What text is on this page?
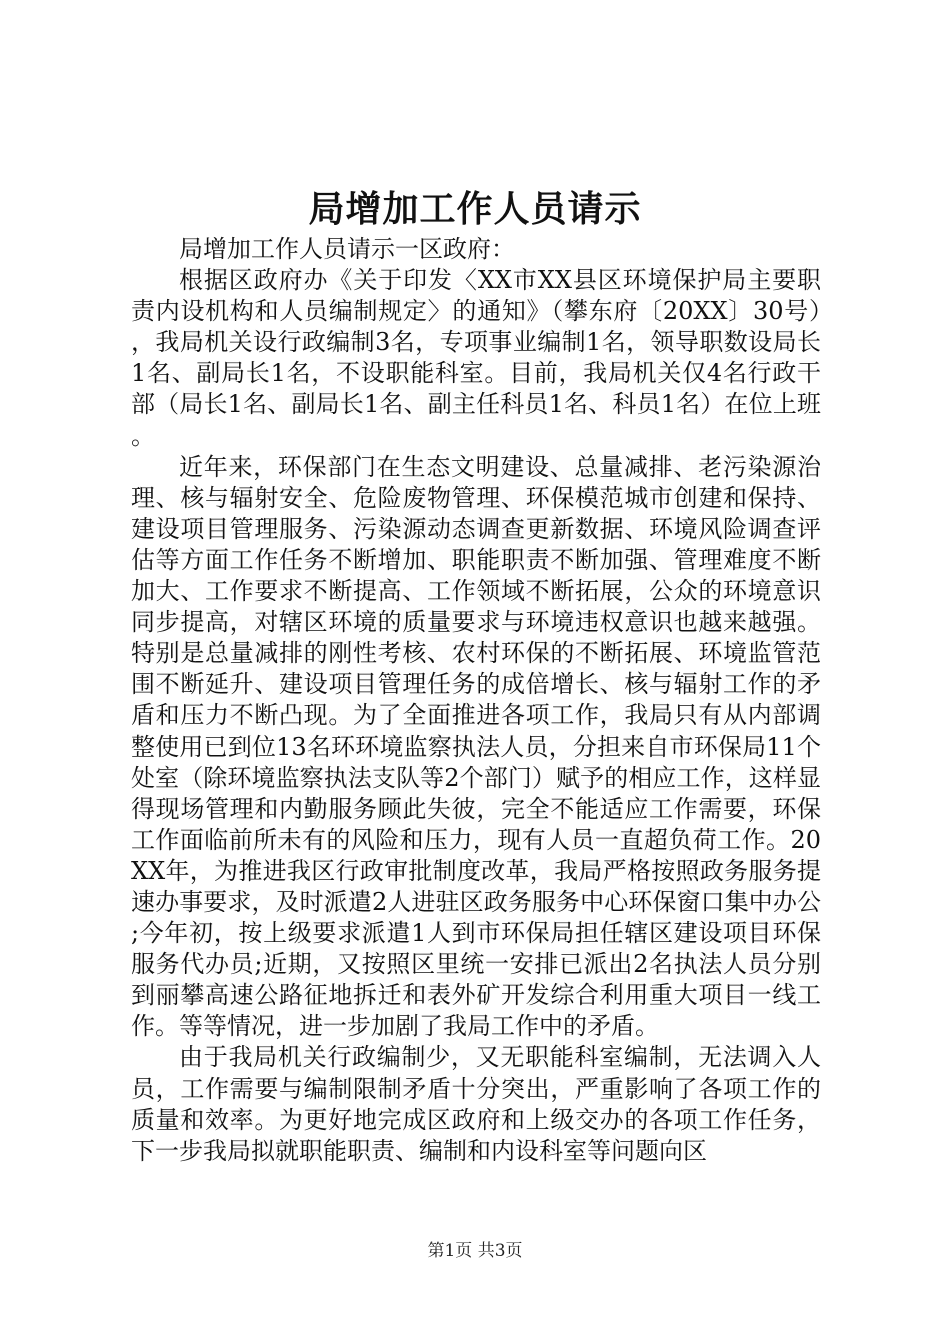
局增加工作人员请示

局增加工作人员请示一区政府：

根据区政府办《关于印发〈XX市XX县区环境保护局主要职责内设机构和人员编制规定〉的通知》（攀东府〔20XX〕30号），我局机关设行政编制3名，专项事业编制1名，领导职数设局长1名、副局长1名，不设职能科室。目前，我局机关仅4名行政干部（局长1名、副局长1名、副主任科员1名、科员1名）在位上班。

近年来，环保部门在生态文明建设、总量减排、老污染源治理、核与辐射安全、危险废物管理、环保模范城市创建和保持、建设项目管理服务、污染源动态调查更新数据、环境风险调查评估等方面工作任务不断增加、职能职责不断加强、管理难度不断加大、工作要求不断提高、工作领域不断拓展，公众的环境意识同步提高，对辖区环境的质量要求与环境违权意识也越来越强。特别是总量减排的刚性考核、农村环保的不断拓展、环境监管范围不断延升、建设项目管理任务的成倍增长、核与辐射工作的矛盾和压力不断凸现。为了全面推进各项工作，我局只有从内部调整使用已到位13名环环境监察执法人员，分担来自市环保局11个处室（除环境监察执法支队等2个部门）赋予的相应工作，这样显得现场管理和内勤服务顾此失彼，完全不能适应工作需要，环保工作面临前所未有的风险和压力，现有人员一直超负荷工作。20XX年，为推进我区行政审批制度改革，我局严格按照政务服务提速办事要求，及时派遣2人进驻区政务服务中心环保窗口集中办公;今年初，按上级要求派遣1人到市环保局担任辖区建设项目环保服务代办员;近期，又按照区里统一安排已派出2名执法人员分别到丽攀高速公路征地拆迁和表外矿开发综合利用重大项目一线工作。等等情况，进一步加剧了我局工作中的矛盾。

由于我局机关行政编制少，又无职能科室编制，无法调入人员，工作需要与编制限制矛盾十分突出，严重影响了各项工作的质量和效率。为更好地完成区政府和上级交办的各项工作任务，下一步我局拟就职能职责、编制和内设科室等问题向区

第1页 共3页
